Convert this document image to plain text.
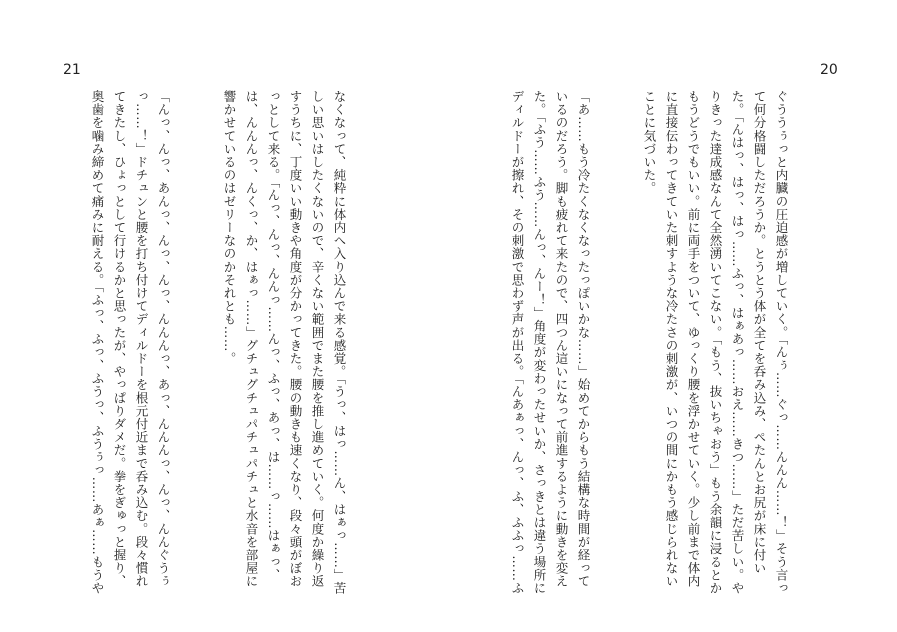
21	20

ぐううぅっと内臓の圧迫感が増していく。「んぅ……ぐっ……んんん……！」そう言って何分格闘しただろうか。とうとう体が全てを呑み込み、ぺたんとお尻が床に付いた。「んはっ、はっ、はっ……ふっ、はぁあっ……おえ……きつ……」ただ苦しい。やりきった達成感なんて全然湧いてこない。「もう、抜いちゃおう」もう余韻に浸るとかもうどうでもいい。前に両手をついて、ゆっくり腰を浮かせていく。少し前まで体内に直接伝わってきていた刺すような冷たさの刺激が、いつの間にかもう感じられないことに気づいた。

「あ……もう冷たくなくなったっぽいかな……」始めてからもう結構な時間が経っているのだろう。脚も疲れて来たので、四つん這いになって前進するように動きを変えた。「ふう……ふう……んっ、んー！」角度が変わったせいか、さっきとは違う場所にディルドーが擦れ、その刺激で思わず声が出る。「んあぁっ、んっ、ふ、ふふっ……ふ

なくなって、純粋に体内へ入り込んで来る感覚。「うっ、はっ……ん、はぁっ……」苦しい思いはしたくないので、辛くない範囲でまた腰を推し進めていく。何度か繰り返すうちに、丁度いい動きや角度が分かってきた。腰の動きも速くなり、段々頭がぼおっとして来る。「んっ、んっ、んんっ……んっ、ふっ、あっ、は……っ……はぁっ、は、んんんっ、んくっ、か、はぁっ……」グチュグチュパチュパチュと水音を部屋に響かせているのはゼリーなのかそれとも……。

「んっ、んっ、あんっ、んっ、んっ、んんんっ、あっ、んんんっ、んっ、んんぐうぅっ……！」ドチュンと腰を打ち付けてディルドーを根元付近まで呑み込む。段々慣れてきたし、ひょっとして行けるかと思ったが、やっぱりダメだ。拳をぎゅっと握り、奥歯を噛み締めて痛みに耐える。「ふっ、ふっ、ふうっ、ふうぅっ……あぁ……もうや
